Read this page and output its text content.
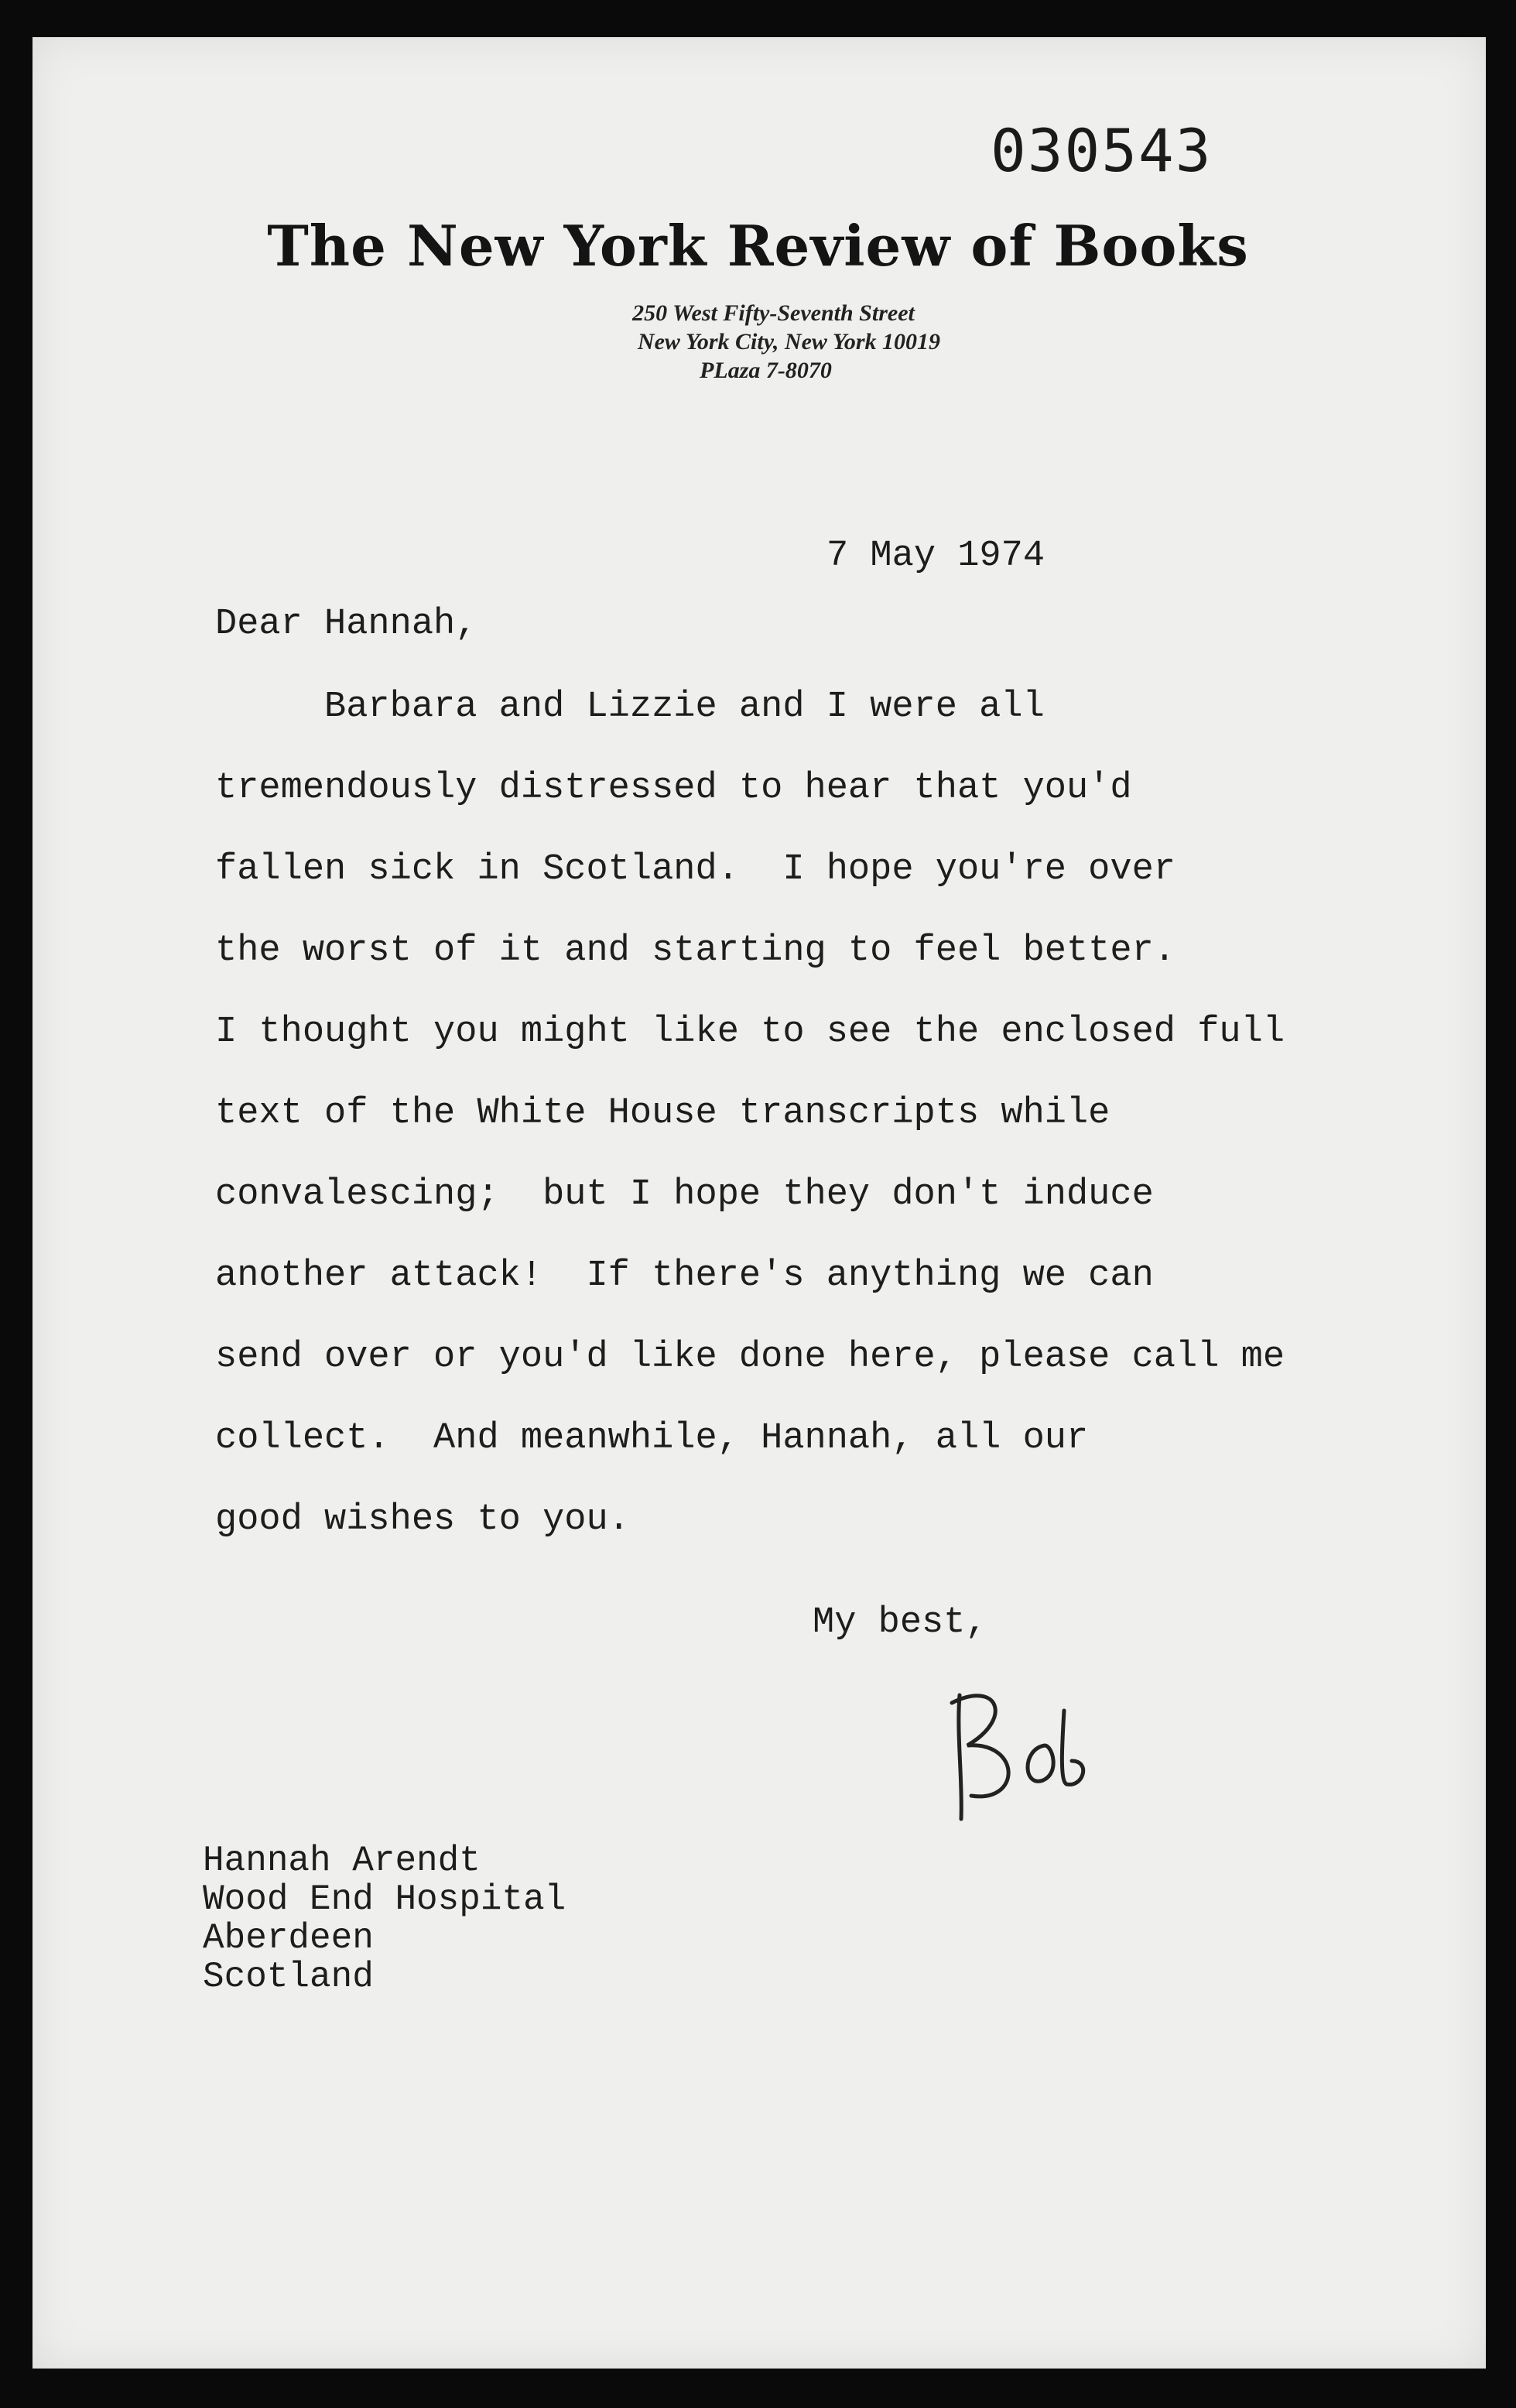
030543
The New York Review of Books
250 West Fifty-Seventh Street
New York City, New York 10019
PLaza 7-8070
7 May 1974
Dear Hannah,
Barbara and Lizzie and I were all
tremendously distressed to hear that you'd
fallen sick in Scotland.  I hope you're over
the worst of it and starting to feel better.
I thought you might like to see the enclosed full
text of the White House transcripts while
convalescing;  but I hope they don't induce
another attack!  If there's anything we can
send over or you'd like done here, please call me
collect.  And meanwhile, Hannah, all our
good wishes to you.
My best,
Hannah Arendt
Wood End Hospital
Aberdeen
Scotland
